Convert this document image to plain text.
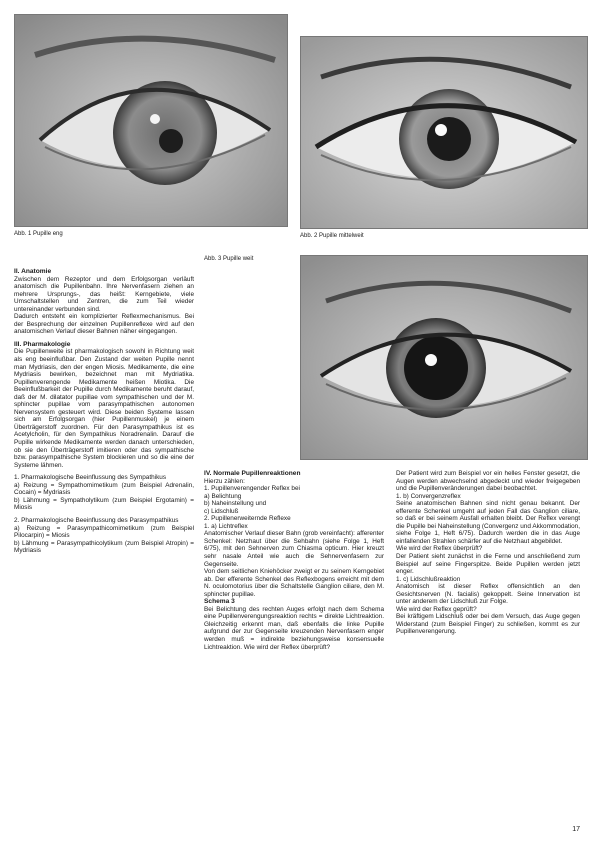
Abb. 1 Pupille eng	Abb. 2 Pupille mittelweit
Abb. 3 Pupille weit
II. Anatomie

Zwischen dem Rezeptor und dem Erfolgsorgan verläuft anatomisch die Pupillenbahn. Ihre Nervenfasern ziehen an mehrere Ursprungs-, das heißt: Kerngebiete, viele Umschaltstellen und Zentren, die zum Teil wieder untereinander verbunden sind.

Dadurch entsteht ein komplizierter Reflexmechanismus. Bei der Besprechung der einzelnen Pupillenreflexe wird auf den anatomischen Verlauf dieser Bahnen näher eingegangen.

III. Pharmakologie

Die Pupillenweite ist pharmakologisch sowohl in Richtung weit als eng beeinflußbar. Den Zustand der weiten Pupille nennt man Mydriasis, den der engen Miosis. Medikamente, die eine Mydriasis bewirken, bezeichnet man mit Mydriatika. Pupillenverengende Medikamente heißen Miotika. Die Beeinflußbarkeit der Pupille durch Medikamente beruht darauf, daß der M. dilatator pupillae vom sympathischen und der M. sphincter pupillae vom parasympathischen autonomen Nervensystem gesteuert wird. Diese beiden Systeme lassen sich am Erfolgsorgan (hier Pupillenmuskel) je einem Überträgerstoff zuordnen. Für den Parasympathikus ist es Acetylcholin, für den Sympathikus Noradrenalin. Darauf die Pupille wirkende Medikamente werden danach unterschieden, ob sie den Überträgerstoff imitieren oder das sympathische bzw. parasympathische System blockieren und so die eine der Systeme lähmen.

1. Pharmakologische Beeinflussung des Sympathikus

a) Reizung = Sympathomimetikum (zum Beispiel Adrenalin, Cocain) = Mydriasis

b) Lähmung = Sympatholytikum (zum Beispiel Ergotamin) = Miosis

2. Pharmakologische Beeinflussung des Parasympathikus

a) Reizung = Parasympathicomimetikum (zum Beispiel Pilocarpin) = Miosis

b) Lähmung = Parasympathicolytikum (zum Beispiel Atropin) = Mydriasis

IV. Normale Pupillenreaktionen

Hierzu zählen:

1. Pupillenverengender Reflex bei

a) Belichtung

b) Naheinstellung und

c) Lidschluß

2. Pupillenerweiternde Reflexe

1. a) Lichtreflex

Anatomischer Verlauf dieser Bahn (grob vereinfacht): afferenter Schenkel: Netzhaut über die Sehbahn (siehe Folge 1, Heft 6/75), mit den Sehnerven zum Chiasma opticum. Hier kreuzt sehr nasale Anteil wie auch die Sehnervenfasern zur Gegenseite.

Von dem seitlichen Kniehöcker zweigt er zu seinem Kerngebiet ab. Der efferente Schenkel des Reflexbogens erreicht mit dem N. oculomotorius über die Schaltstelle Ganglion ciliare, den M. sphincter pupillae.

Schema 3

Bei Belichtung des rechten Auges erfolgt nach dem Schema eine Pupillenverengungsreaktion rechts = direkte Lichtreaktion. Gleichzeitig erkennt man, daß ebenfalls die linke Pupille aufgrund der zur Gegenseite kreuzenden Nervenfasern enger werden muß = indirekte beziehungsweise konsensuelle Lichtreaktion. Wie wird der Reflex überprüft?

Der Patient wird zum Beispiel vor ein helles Fenster gesetzt, die Augen werden abwechselnd abgedeckt und wieder freigegeben und die Pupillenveränderungen dabei beobachtet.

1. b) Convergenzreflex

Seine anatomischen Bahnen sind nicht genau bekannt. Der efferente Schenkel umgeht auf jeden Fall das Ganglion ciliare, so daß er bei seinem Ausfall erhalten bleibt. Der Reflex verengt die Pupille bei Naheinstellung (Convergenz und Akkommodation, siehe Folge 1, Heft 6/75). Dadurch werden die in das Auge einfallenden Strahlen schärfer auf die Netzhaut abgebildet.

Wie wird der Reflex überprüft?

Der Patient sieht zunächst in die Ferne und anschließend zum Beispiel auf seine Fingerspitze. Beide Pupillen werden jetzt enger.

1. c) Lidschlußreaktion

Anatomisch ist dieser Reflex offensichtlich an den Gesichtsnerven (N. facialis) gekoppelt. Seine Innervation ist unter anderem der Lidschluß zur Folge.

Wie wird der Reflex geprüft?

Bei kräftigem Lidschluß oder bei dem Versuch, das Auge gegen Widerstand (zum Beispiel Finger) zu schließen, kommt es zur Pupillenverengerung.

17
